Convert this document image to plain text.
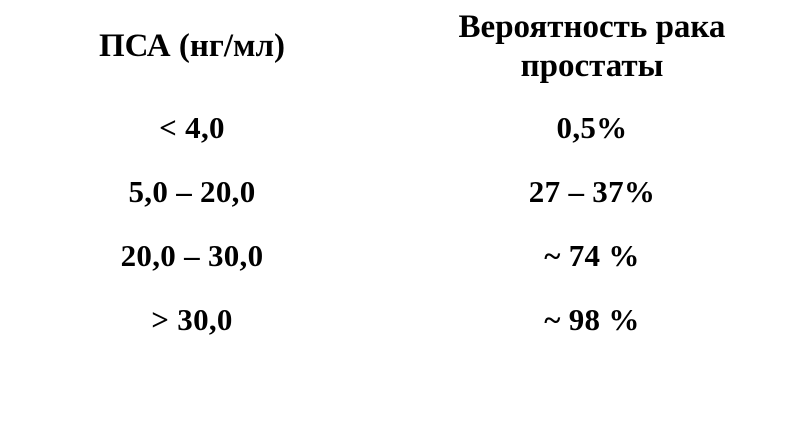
ПСА (нг/мл)	Вероятность рака простаты

< 4,0	0,5%

5,0 – 20,0	27 – 37%

20,0 – 30,0	~ 74 %

> 30,0	~ 98 %
